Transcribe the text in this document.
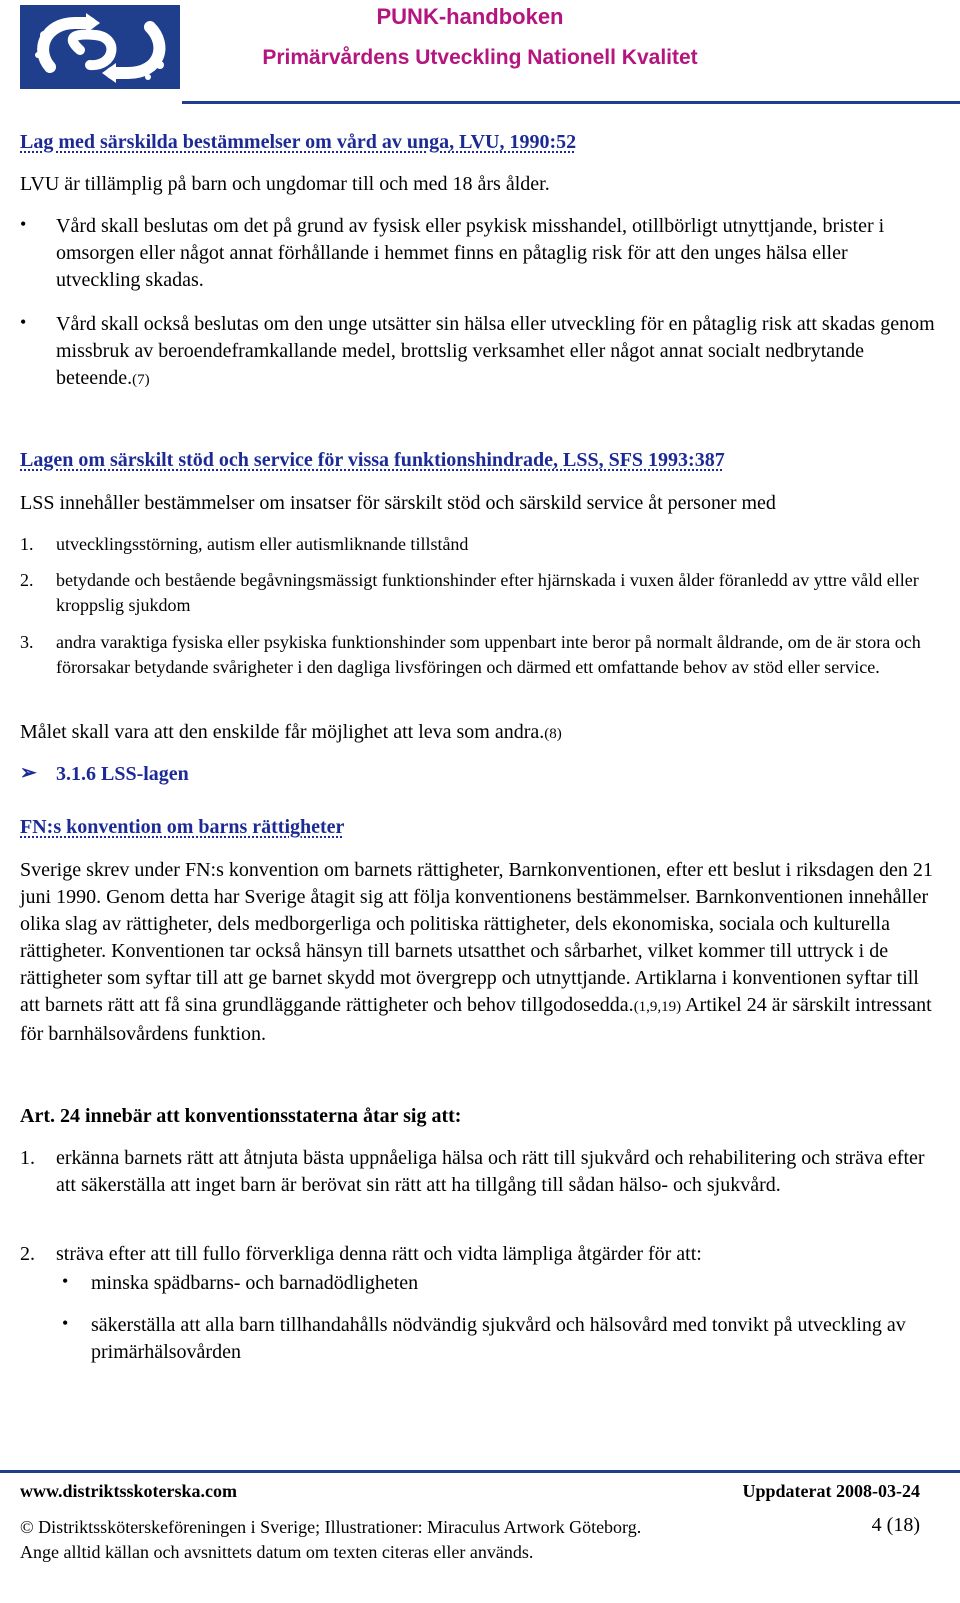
PUNK-handboken
Primärvårdens Utveckling Nationell Kvalitet
Lag med särskilda bestämmelser om vård av unga, LVU, 1990:52
LVU är tillämplig på barn och ungdomar till och med 18 års ålder.
• Vård skall beslutas om det på grund av fysisk eller psykisk misshandel, otillbörligt utnyttjande, brister i omsorgen eller något annat förhållande i hemmet finns en påtaglig risk för att den unges hälsa eller utveckling skadas.
• Vård skall också beslutas om den unge utsätter sin hälsa eller utveckling för en påtaglig risk att skadas genom missbruk av beroendeframkallande medel, brottslig verksamhet eller något annat socialt nedbrytande beteende.(7)
Lagen om särskilt stöd och service för vissa funktionshindrade, LSS, SFS 1993:387
LSS innehåller bestämmelser om insatser för särskilt stöd och särskild service åt personer med
1. utvecklingsstörning, autism eller autismliknande tillstånd
2. betydande och bestående begåvningsmässigt funktionshinder efter hjärnskada i vuxen ålder föranledd av yttre våld eller kroppslig sjukdom
3. andra varaktiga fysiska eller psykiska funktionshinder som uppenbart inte beror på normalt åldrande, om de är stora och förorsakar betydande svårigheter i den dagliga livsföringen och därmed ett omfattande behov av stöd eller service.
Målet skall vara att den enskilde får möjlighet att leva som andra.(8)
➢ 3.1.6 LSS-lagen
FN:s konvention om barns rättigheter
Sverige skrev under FN:s konvention om barnets rättigheter, Barnkonventionen, efter ett beslut i riksdagen den 21 juni 1990. Genom detta har Sverige åtagit sig att följa konventionens bestämmelser. Barnkonventionen innehåller olika slag av rättigheter, dels medborgerliga och politiska rättigheter, dels ekonomiska, sociala och kulturella rättigheter. Konventionen tar också hänsyn till barnets utsatthet och sårbarhet, vilket kommer till uttryck i de rättigheter som syftar till att ge barnet skydd mot övergrepp och utnyttjande. Artiklarna i konventionen syftar till att barnets rätt att få sina grundläggande rättigheter och behov tillgodosedda.(1,9,19) Artikel 24 är särskilt intressant för barnhälsovårdens funktion.
Art. 24 innebär att konventionsstaterna åtar sig att:
1. erkänna barnets rätt att åtnjuta bästa uppnåeliga hälsa och rätt till sjukvård och rehabilitering och sträva efter att säkerställa att inget barn är berövat sin rätt att ha tillgång till sådan hälso- och sjukvård.
2. sträva efter att till fullo förverkliga denna rätt och vidta lämpliga åtgärder för att:
• minska spädbarns- och barnadödligheten
• säkerställa att alla barn tillhandahålls nödvändig sjukvård och hälsovård med tonvikt på utveckling av primärhälsovården
www.distriktsskoterska.com	Uppdaterat 2008-03-24
© Distriktssköterskeföreningen i Sverige; Illustrationer: Miraculus Artwork Göteborg.	4 (18)
Ange alltid källan och avsnittets datum om texten citeras eller används.
